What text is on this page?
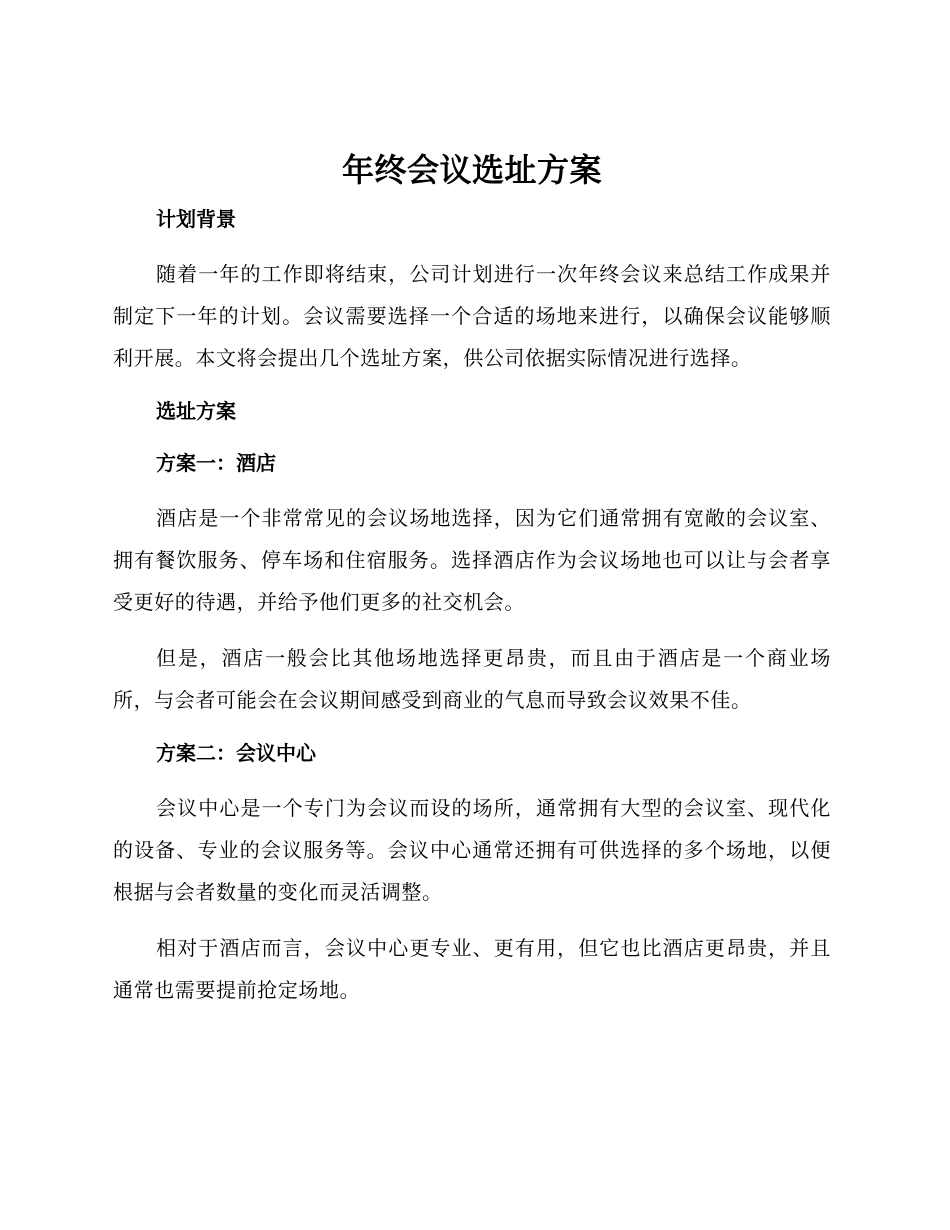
年终会议选址方案
计划背景

随着一年的工作即将结束，公司计划进行一次年终会议来总结工作成果并制定下一年的计划。会议需要选择一个合适的场地来进行，以确保会议能够顺利开展。本文将会提出几个选址方案，供公司依据实际情况进行选择。

选址方案
方案一：酒店

酒店是一个非常常见的会议场地选择，因为它们通常拥有宽敞的会议室、拥有餐饮服务、停车场和住宿服务。选择酒店作为会议场地也可以让与会者享受更好的待遇，并给予他们更多的社交机会。

但是，酒店一般会比其他场地选择更昂贵，而且由于酒店是一个商业场所，与会者可能会在会议期间感受到商业的气息而导致会议效果不佳。

方案二：会议中心

会议中心是一个专门为会议而设的场所，通常拥有大型的会议室、现代化的设备、专业的会议服务等。会议中心通常还拥有可供选择的多个场地，以便根据与会者数量的变化而灵活调整。

相对于酒店而言，会议中心更专业、更有用，但它也比酒店更昂贵，并且通常也需要提前抢定场地。
